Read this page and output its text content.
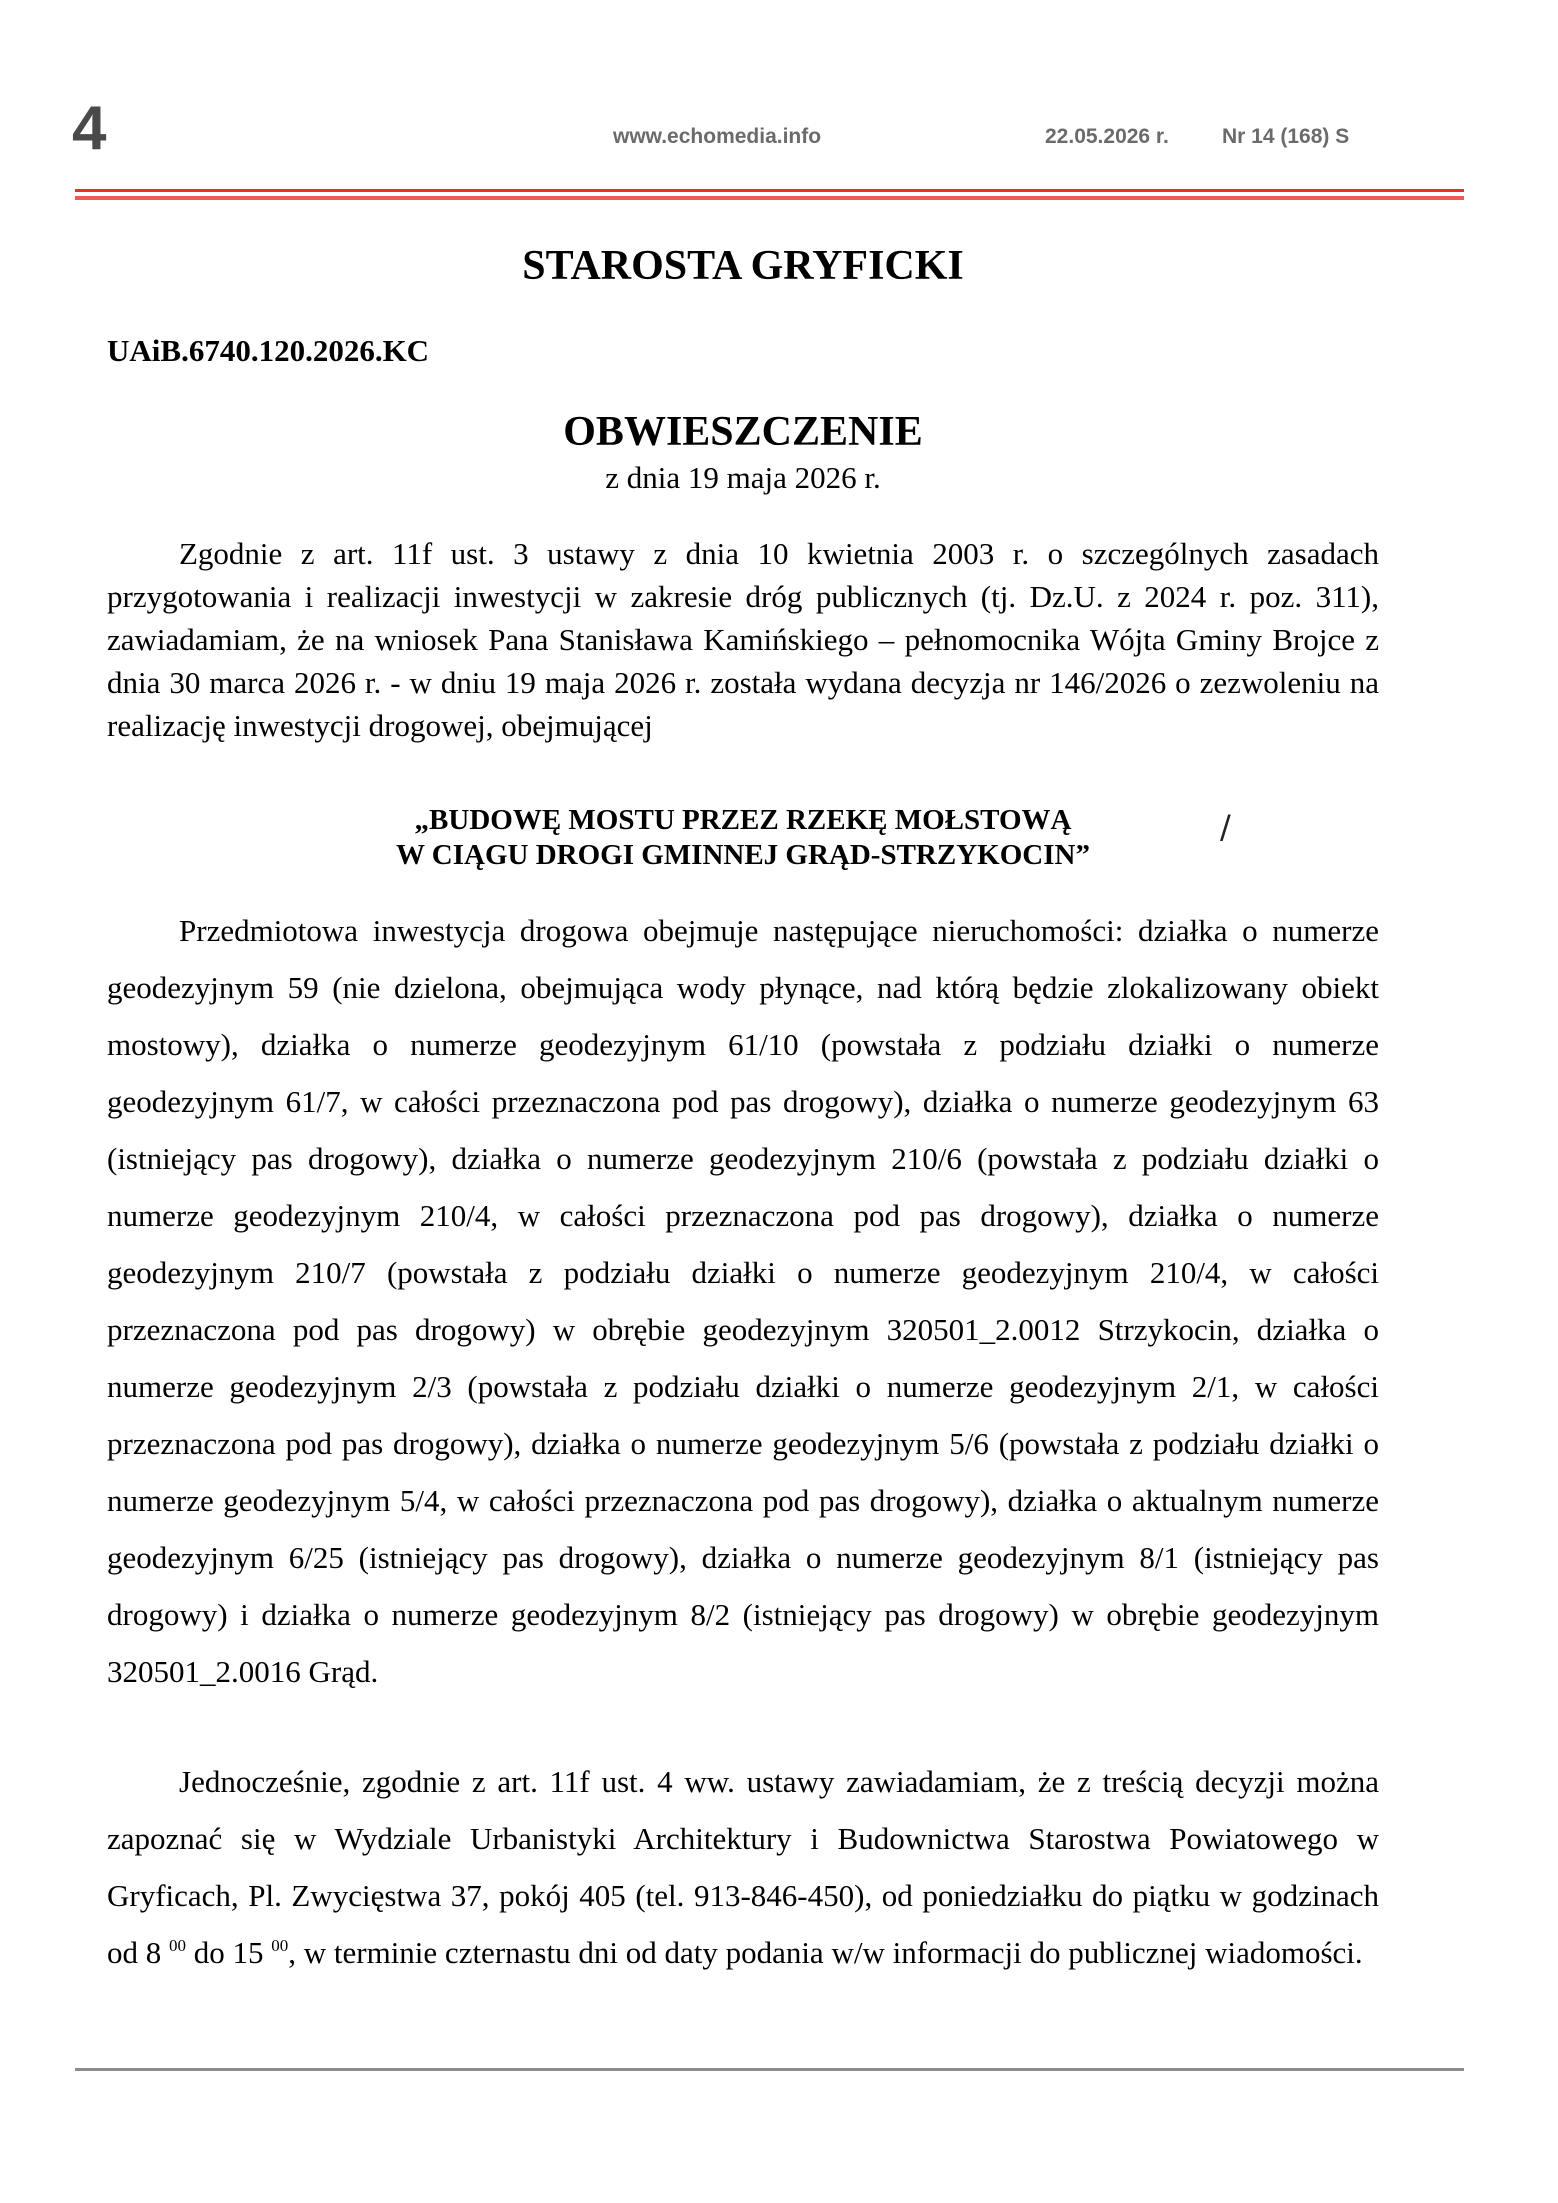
4	www.echomedia.info	22.05.2026 r.	Nr 14 (168) S
STAROSTA GRYFICKI
UAiB.6740.120.2026.KC
OBWIESZCZENIE
z dnia 19 maja 2026 r.

Zgodnie z art. 11f ust. 3 ustawy z dnia 10 kwietnia 2003 r. o szczególnych zasadach przygotowania i realizacji inwestycji w zakresie dróg publicznych (tj. Dz.U. z 2024 r. poz. 311), zawiadamiam, że na wniosek Pana Stanisława Kamińskiego – pełnomocnika Wójta Gminy Brojce z dnia 30 marca 2026 r. - w dniu 19 maja 2026 r. została wydana decyzja nr 146/2026 o zezwoleniu na realizację inwestycji drogowej, obejmującej

„BUDOWĘ MOSTU PRZEZ RZEKĘ MOŁSTOWĄ
W CIĄGU DROGI GMINNEJ GRĄD-STRZYKOCIN”
/

Przedmiotowa inwestycja drogowa obejmuje następujące nieruchomości: działka o numerze geodezyjnym 59 (nie dzielona, obejmująca wody płynące, nad którą będzie zlokalizowany obiekt mostowy), działka o numerze geodezyjnym 61/10 (powstała z podziału działki o numerze geodezyjnym 61/7, w całości przeznaczona pod pas drogowy), działka o numerze geodezyjnym 63 (istniejący pas drogowy), działka o numerze geodezyjnym 210/6 (powstała z podziału działki o numerze geodezyjnym 210/4, w całości przeznaczona pod pas drogowy), działka o numerze geodezyjnym 210/7 (powstała z podziału działki o numerze geodezyjnym 210/4, w całości przeznaczona pod pas drogowy) w obrębie geodezyjnym 320501_2.0012 Strzykocin, działka o numerze geodezyjnym 2/3 (powstała z podziału działki o numerze geodezyjnym 2/1, w całości przeznaczona pod pas drogowy), działka o numerze geodezyjnym 5/6 (powstała z podziału działki o numerze geodezyjnym 5/4, w całości przeznaczona pod pas drogowy), działka o aktualnym numerze geodezyjnym 6/25 (istniejący pas drogowy), działka o numerze geodezyjnym 8/1 (istniejący pas drogowy) i działka o numerze geodezyjnym 8/2 (istniejący pas drogowy) w obrębie geodezyjnym 320501_2.0016 Grąd.

Jednocześnie, zgodnie z art. 11f ust. 4 ww. ustawy zawiadamiam, że z treścią decyzji można zapoznać się w Wydziale Urbanistyki Architektury i Budownictwa Starostwa Powiatowego w Gryficach, Pl. Zwycięstwa 37, pokój 405 (tel. 913-846-450), od poniedziałku do piątku w godzinach od 8 $^{00}$ do 15 $^{00}$, w terminie czternastu dni od daty podania w/w informacji do publicznej wiadomości.
